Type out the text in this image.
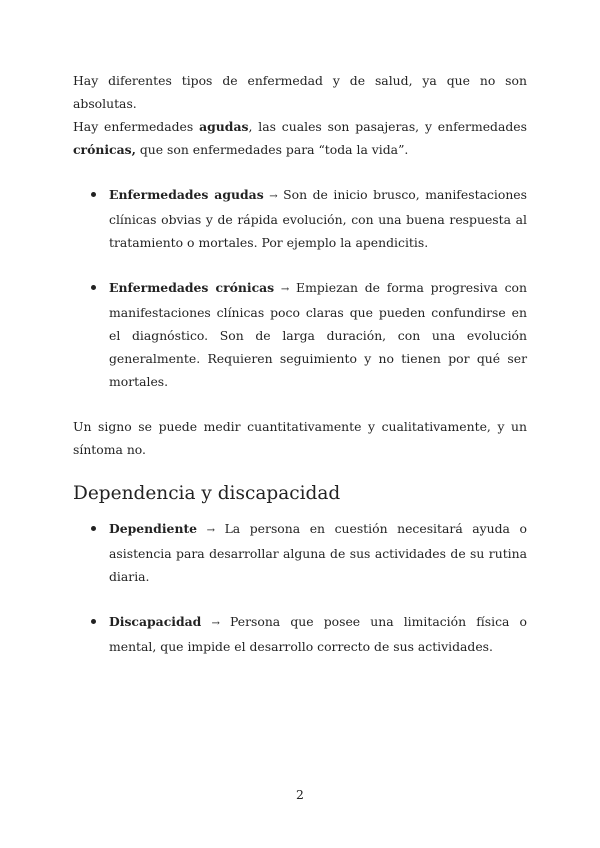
Hay diferentes tipos de enfermedad y de salud, ya que no son absolutas.

Hay enfermedades agudas, las cuales son pasajeras, y enfermedades crónicas, que son enfermedades para “toda la vida”.

Enfermedades agudas → Son de inicio brusco, manifestaciones clínicas obvias y de rápida evolución, con una buena respuesta al tratamiento o mortales. Por ejemplo la apendicitis.
Enfermedades crónicas → Empiezan de forma progresiva con manifestaciones clínicas poco claras que pueden confundirse en el diagnóstico. Son de larga duración, con una evolución generalmente. Requieren seguimiento y no tienen por qué ser mortales.

Un signo se puede medir cuantitativamente y cualitativamente, y un síntoma no.

Dependencia y discapacidad
Dependiente → La persona en cuestión necesitará ayuda o asistencia para desarrollar alguna de sus actividades de su rutina diaria.
Discapacidad → Persona que posee una limitación física o mental, que impide el desarrollo correcto de sus actividades.
2
